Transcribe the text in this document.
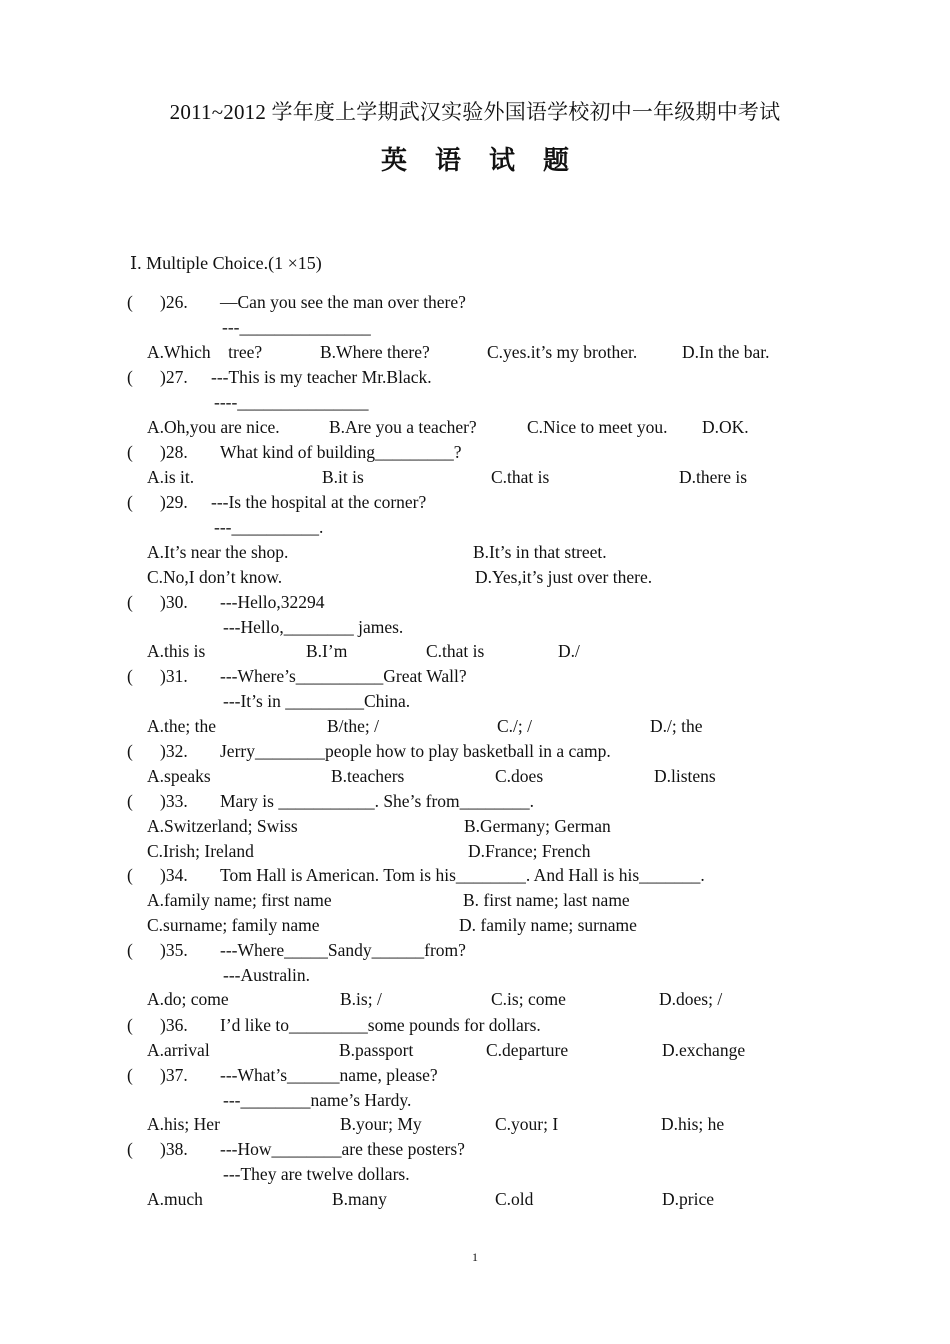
2011~2012 学年度上学期武汉实验外国语学校初中一年级期中考试
英语试题
Ⅰ. Multiple Choice.(1 ×15)
( )26. —Can you see the man over there?
---_______________
A.Which    tree?	B.Where there?	C.yes.it’s my brother.	D.In the bar.
( )27. ---This is my teacher Mr.Black.
----_______________
A.Oh,you are nice.	B.Are you a teacher?	C.Nice to meet you. D.OK.
( )28. What kind of building_________?
A.is it.	B.it is	C.that is	D.there is
( )29. ---Is the hospital at the corner?
---__________.
A.It’s near the shop.	B.It’s in that street.
C.No,I don’t know.	D.Yes,it’s just over there.
( )30. ---Hello,32294
---Hello,________ james.
A.this is	B.I’m	C.that is	D./
( )31. ---Where’s__________Great Wall?
---It’s in _________China.
A.the; the	B/the; /	C./; /	D./; the
( )32. Jerry________people how to play basketball in a camp.
A.speaks	B.teachers	C.does	D.listens
( )33. Mary is ___________. She’s from________.
A.Switzerland; Swiss	B.Germany; German
C.Irish; Ireland	D.France; French
( )34. Tom Hall is American. Tom is his________. And Hall is his_______.
A.family name; first name	B. first name; last name
C.surname; family name	D. family name; surname
( )35. ---Where_____Sandy______from?
---Australin.
A.do; come	B.is; /	C.is; come	D.does; /
( )36. I’d like to_________some pounds for dollars.
A.arrival	B.passport	C.departure	D.exchange
( )37. ---What’s______name, please?
---________name’s Hardy.
A.his; Her	B.your; My	C.your; I	D.his; he
( )38. ---How________are these posters?
---They are twelve dollars.
A.much	B.many	C.old	D.price
1
